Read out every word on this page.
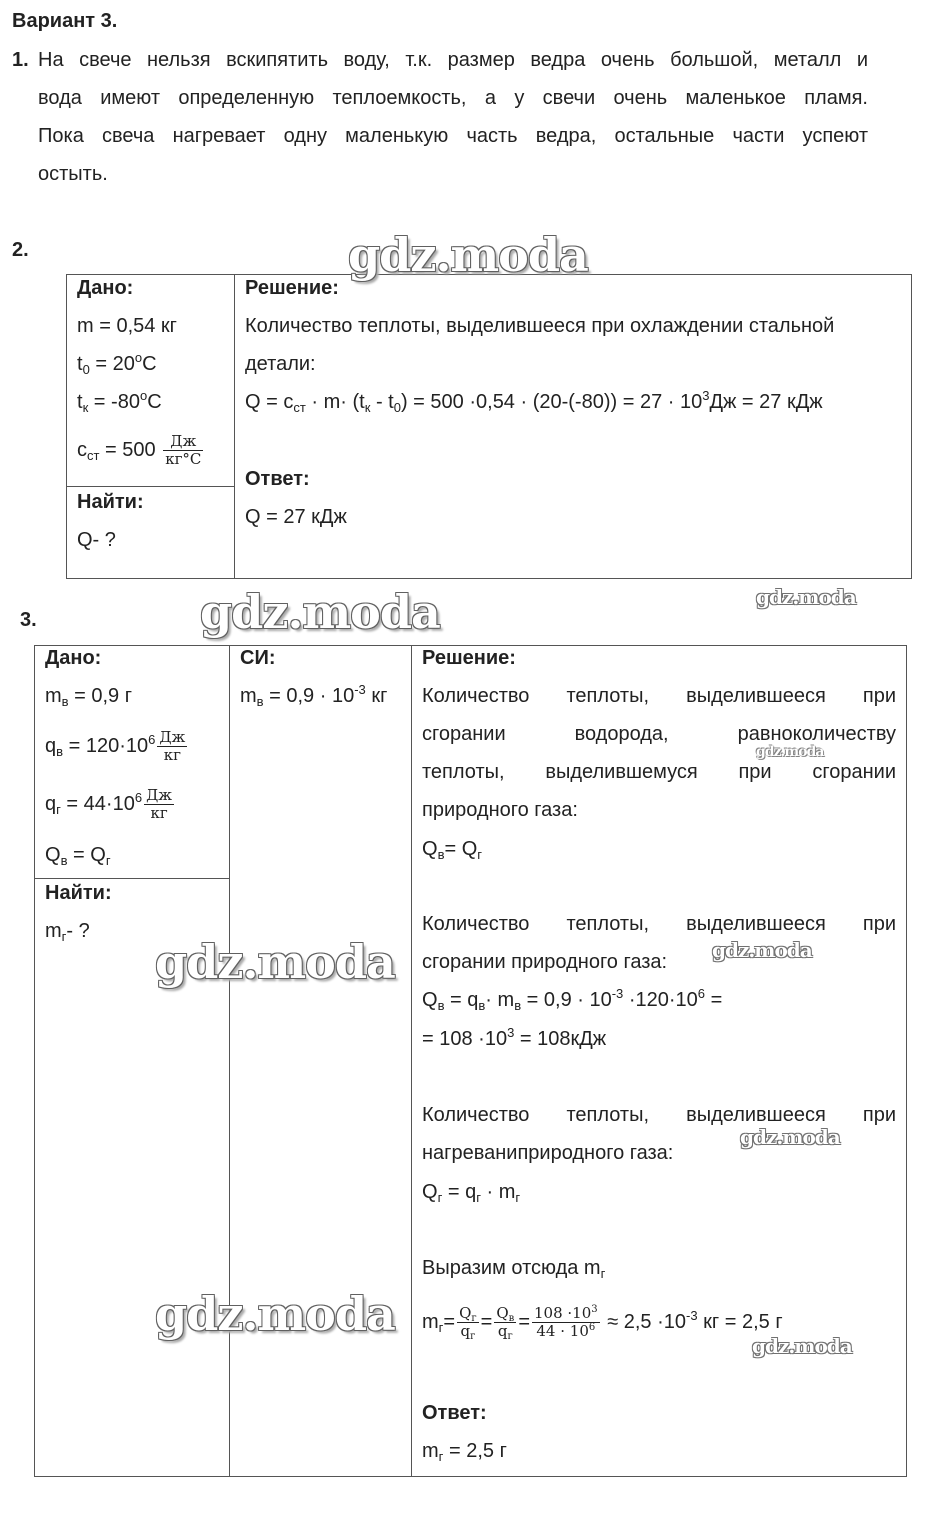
Вариант 3.
1. На свече нельзя вскипятить воду, т.к. размер ведра очень большой, металл и
вода имеют определенную теплоемкость, а у свечи очень маленькое пламя.
Пока свеча нагревает одну маленькую часть ведра, остальные части успеют
остыть.
2.
Дано:
m = 0,54 кг
$t_0 = 20^oC$
$t_к = -80^oC$
$c_{ст} = 500 \frac{Дж}{кг^\circ C}$
Найти:
Q- ?
Решение:
Количество теплоты, выделившееся при охлаждении стальной
детали:
$Q = c_{ст} \cdot m\cdot (t_к - t_0) = 500 \cdot 0,54 \cdot (20-(-80)) = 27 \cdot 10^3Дж = 27$ кДж
Ответ:
Q = 27 кДж
3.
Дано:
$m_в = 0,9$ г
$q_в = 120\cdot 10^6 \frac{Дж}{кг}$
$q_г = 44\cdot 10^6 \frac{Дж}{кг}$
$Q_в = Q_г$
Найти:
$m_г-$ ?
СИ:
$m_в = 0,9 \cdot 10^{-3}$ кг
Решение:
Количество теплоты, выделившееся при
сгорании водорода, равноколичеству
теплоты, выделившемуся при сгорании
природного газа:
$Q_в= Q_г$
Количество теплоты, выделившееся при
сгорании природного газа:
$Q_в = q_в\cdot m_в = 0,9 \cdot 10^{-3} \cdot 120\cdot 10^6$ =
= $108 \cdot 10^3 = 108кДж$
Количество теплоты, выделившееся при
нагреваниприродного газа:
$Q_г = q_г \cdot m_г$
Выразим отсюда $m_г$
$m_г= \frac{Q_г}{q_г} = \frac{Q_в}{q_г} = \frac{108 \cdot 10^3}{44 \cdot 10^6} \approx 2,5 \cdot 10^{-3}$ кг = 2,5 г
Ответ:
$m_г = 2,5$ г
gdz.moda
gdz.moda	gdz.moda
gdz.moda
gdz.moda	gdz.moda
gdz.moda
gdz.moda
gdz.moda
